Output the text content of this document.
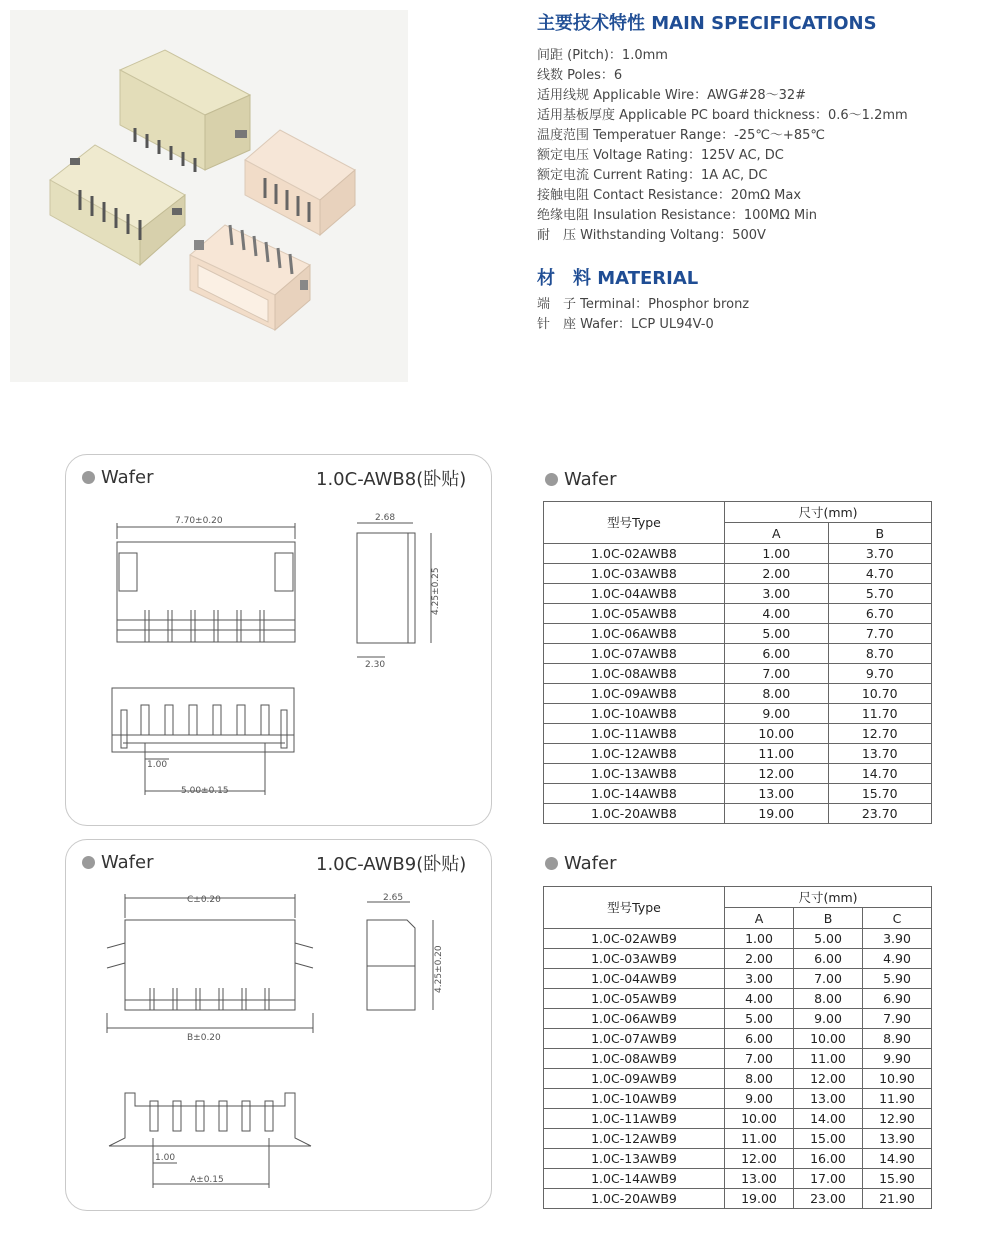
主要技术特性 MAIN SPECIFICATIONS
间距 (Pitch)：1.0mm
线数 Poles：6
适用线规 Applicable Wire：AWG#28～32#
适用基板厚度 Applicable PC board thickness：0.6～1.2mm
温度范围 Temperatuer Range：-25℃～+85℃
额定电压 Voltage Rating：125V AC, DC
额定电流 Current Rating：1A AC, DC
接触电阻 Contact Resistance：20mΩ Max
绝缘电阻 Insulation Resistance：100MΩ Min
耐　压 Withstanding Voltang：500V
材　料 MATERIAL
端　子 Terminal：Phosphor bronz
针　座 Wafer：LCP UL94V-0
Wafer	1.0C-AWB8(卧贴)
7.70±0.20	2.68
4.25±0.25
2.30
1.00
5.00±0.15
Wafer
型号Type	尺寸(mm)	
	A	B
1.0C-02AWB8	1.00	3.70
1.0C-03AWB8	2.00	4.70
1.0C-04AWB8	3.00	5.70
1.0C-05AWB8	4.00	6.70
1.0C-06AWB8	5.00	7.70
1.0C-07AWB8	6.00	8.70
1.0C-08AWB8	7.00	9.70
1.0C-09AWB8	8.00	10.70
1.0C-10AWB8	9.00	11.70
1.0C-11AWB8	10.00	12.70
1.0C-12AWB8	11.00	13.70
1.0C-13AWB8	12.00	14.70
1.0C-14AWB8	13.00	15.70
1.0C-20AWB8	19.00	23.70
Wafer	1.0C-AWB9(卧贴)
C±0.20	2.65
4.25±0.20
B±0.20
1.00
A±0.15
Wafer
型号Type	尺寸(mm)		
	A	B	C
1.0C-02AWB9	1.00	5.00	3.90
1.0C-03AWB9	2.00	6.00	4.90
1.0C-04AWB9	3.00	7.00	5.90
1.0C-05AWB9	4.00	8.00	6.90
1.0C-06AWB9	5.00	9.00	7.90
1.0C-07AWB9	6.00	10.00	8.90
1.0C-08AWB9	7.00	11.00	9.90
1.0C-09AWB9	8.00	12.00	10.90
1.0C-10AWB9	9.00	13.00	11.90
1.0C-11AWB9	10.00	14.00	12.90
1.0C-12AWB9	11.00	15.00	13.90
1.0C-13AWB9	12.00	16.00	14.90
1.0C-14AWB9	13.00	17.00	15.90
1.0C-20AWB9	19.00	23.00	21.90
